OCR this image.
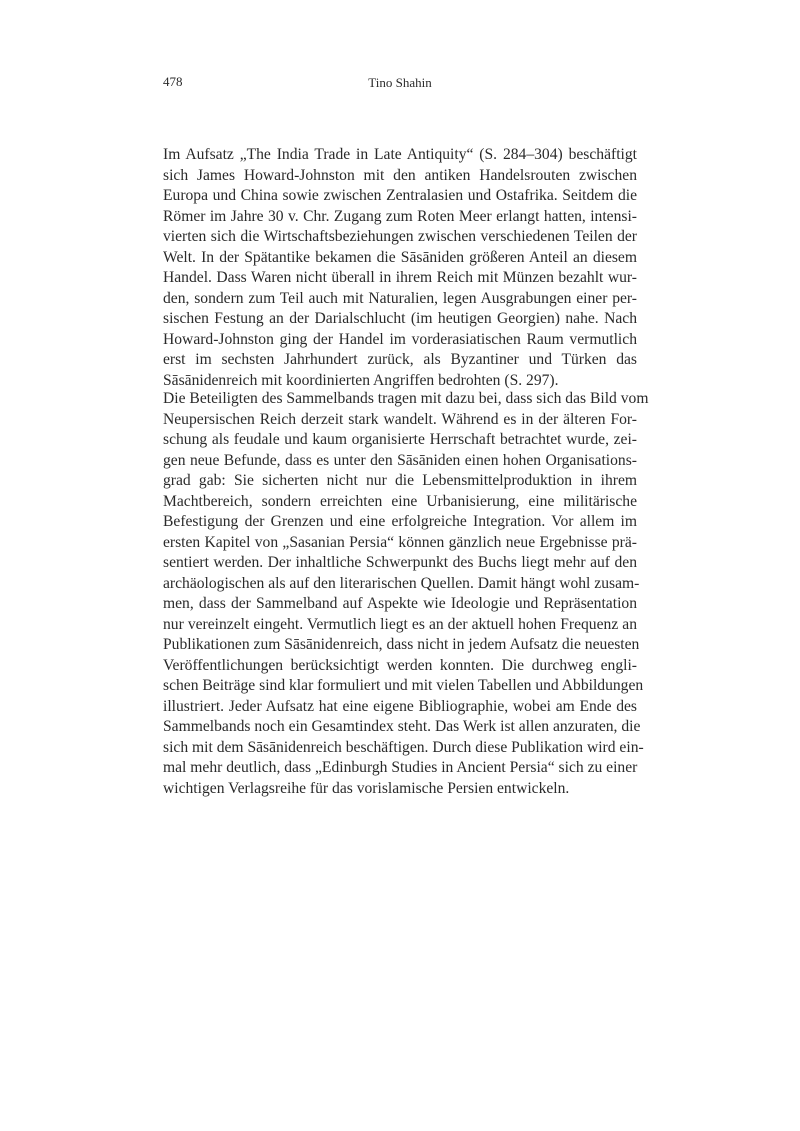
478	Tino Shahin
Im Aufsatz „The India Trade in Late Antiquity“ (S. 284–304) beschäftigt
sich James Howard-Johnston mit den antiken Handelsrouten zwischen
Europa und China sowie zwischen Zentralasien und Ostafrika. Seitdem die
Römer im Jahre 30 v. Chr. Zugang zum Roten Meer erlangt hatten, intensi-
vierten sich die Wirtschaftsbeziehungen zwischen verschiedenen Teilen der
Welt. In der Spätantike bekamen die Sāsāniden größeren Anteil an diesem
Handel. Dass Waren nicht überall in ihrem Reich mit Münzen bezahlt wur-
den, sondern zum Teil auch mit Naturalien, legen Ausgrabungen einer per-
sischen Festung an der Darialschlucht (im heutigen Georgien) nahe. Nach
Howard-Johnston ging der Handel im vorderasiatischen Raum vermutlich
erst im sechsten Jahrhundert zurück, als Byzantiner und Türken das
Sāsānidenreich mit koordinierten Angriffen bedrohten (S. 297).
Die Beteiligten des Sammelbands tragen mit dazu bei, dass sich das Bild vom
Neupersischen Reich derzeit stark wandelt. Während es in der älteren For-
schung als feudale und kaum organisierte Herrschaft betrachtet wurde, zei-
gen neue Befunde, dass es unter den Sāsāniden einen hohen Organisations-
grad gab: Sie sicherten nicht nur die Lebensmittelproduktion in ihrem
Machtbereich, sondern erreichten eine Urbanisierung, eine militärische
Befestigung der Grenzen und eine erfolgreiche Integration. Vor allem im
ersten Kapitel von „Sasanian Persia“ können gänzlich neue Ergebnisse prä-
sentiert werden. Der inhaltliche Schwerpunkt des Buchs liegt mehr auf den
archäologischen als auf den literarischen Quellen. Damit hängt wohl zusam-
men, dass der Sammelband auf Aspekte wie Ideologie und Repräsentation
nur vereinzelt eingeht. Vermutlich liegt es an der aktuell hohen Frequenz an
Publikationen zum Sāsānidenreich, dass nicht in jedem Aufsatz die neuesten
Veröffentlichungen berücksichtigt werden konnten. Die durchweg engli-
schen Beiträge sind klar formuliert und mit vielen Tabellen und Abbildungen
illustriert. Jeder Aufsatz hat eine eigene Bibliographie, wobei am Ende des
Sammelbands noch ein Gesamtindex steht. Das Werk ist allen anzuraten, die
sich mit dem Sāsānidenreich beschäftigen. Durch diese Publikation wird ein-
mal mehr deutlich, dass „Edinburgh Studies in Ancient Persia“ sich zu einer
wichtigen Verlagsreihe für das vorislamische Persien entwickeln.
